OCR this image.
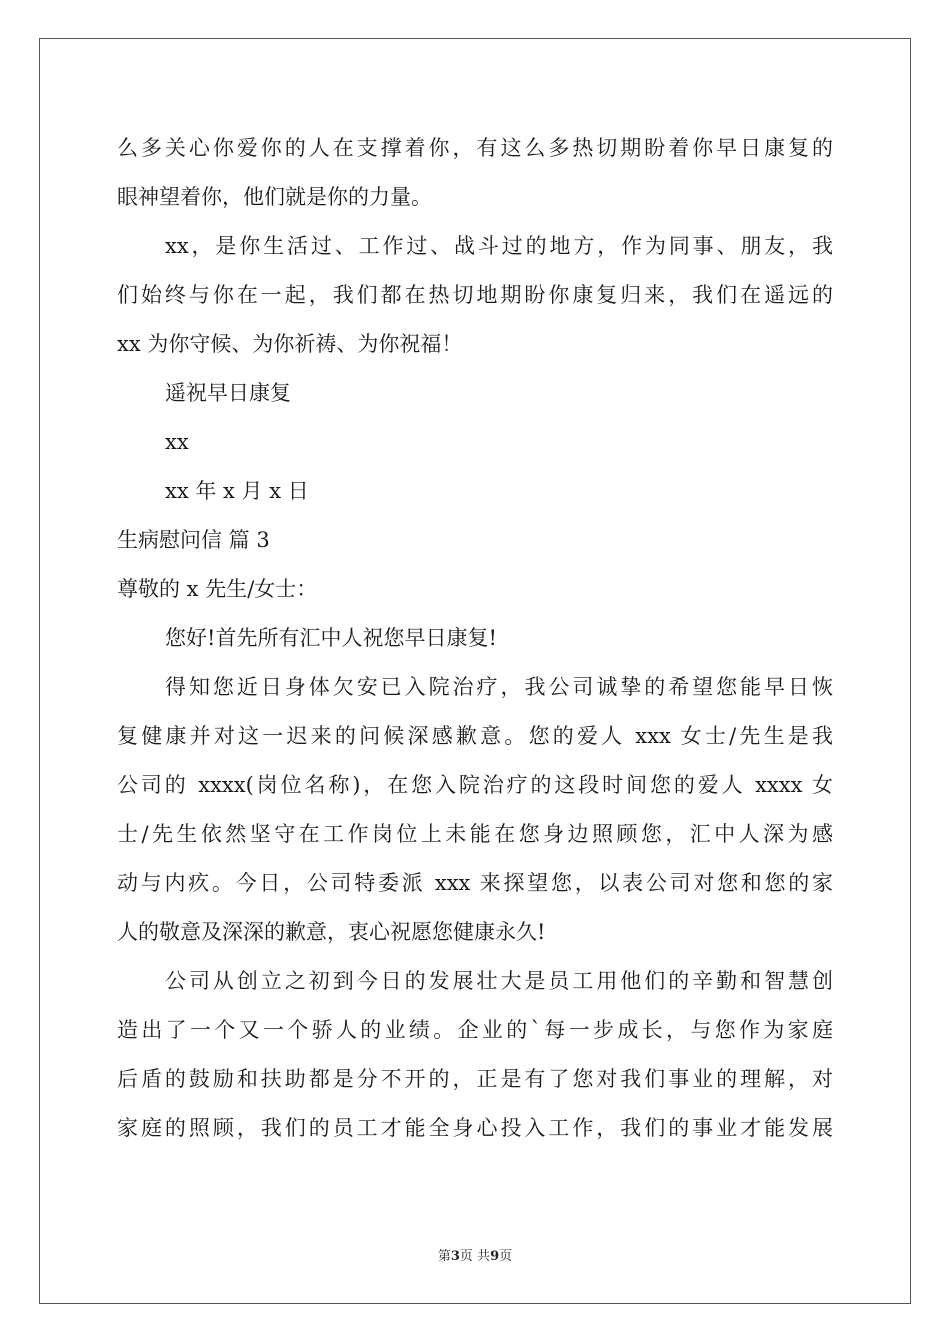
么多关心你爱你的人在支撑着你，有这么多热切期盼着你早日康复的
眼神望着你，他们就是你的力量。
xx，是你生活过、工作过、战斗过的地方，作为同事、朋友，我
们始终与你在一起，我们都在热切地期盼你康复归来，我们在遥远的
xx 为你守候、为你祈祷、为你祝福！
遥祝早日康复
xx
xx 年 x 月 x 日
生病慰问信 篇 3
尊敬的 x 先生/女士：
您好!首先所有汇中人祝您早日康复!
得知您近日身体欠安已入院治疗，我公司诚挚的希望您能早日恢
复健康并对这一迟来的问候深感歉意。您的爱人 xxx 女士/先生是我
公司的 xxxx(岗位名称)，在您入院治疗的这段时间您的爱人 xxxx 女
士/先生依然坚守在工作岗位上未能在您身边照顾您，汇中人深为感
动与内疚。今日，公司特委派 xxx 来探望您，以表公司对您和您的家
人的敬意及深深的歉意，衷心祝愿您健康永久!
公司从创立之初到今日的发展壮大是员工用他们的辛勤和智慧创
造出了一个又一个骄人的业绩。企业的`每一步成长，与您作为家庭
后盾的鼓励和扶助都是分不开的，正是有了您对我们事业的理解，对
家庭的照顾，我们的员工才能全身心投入工作，我们的事业才能发展
第3页 共9页
